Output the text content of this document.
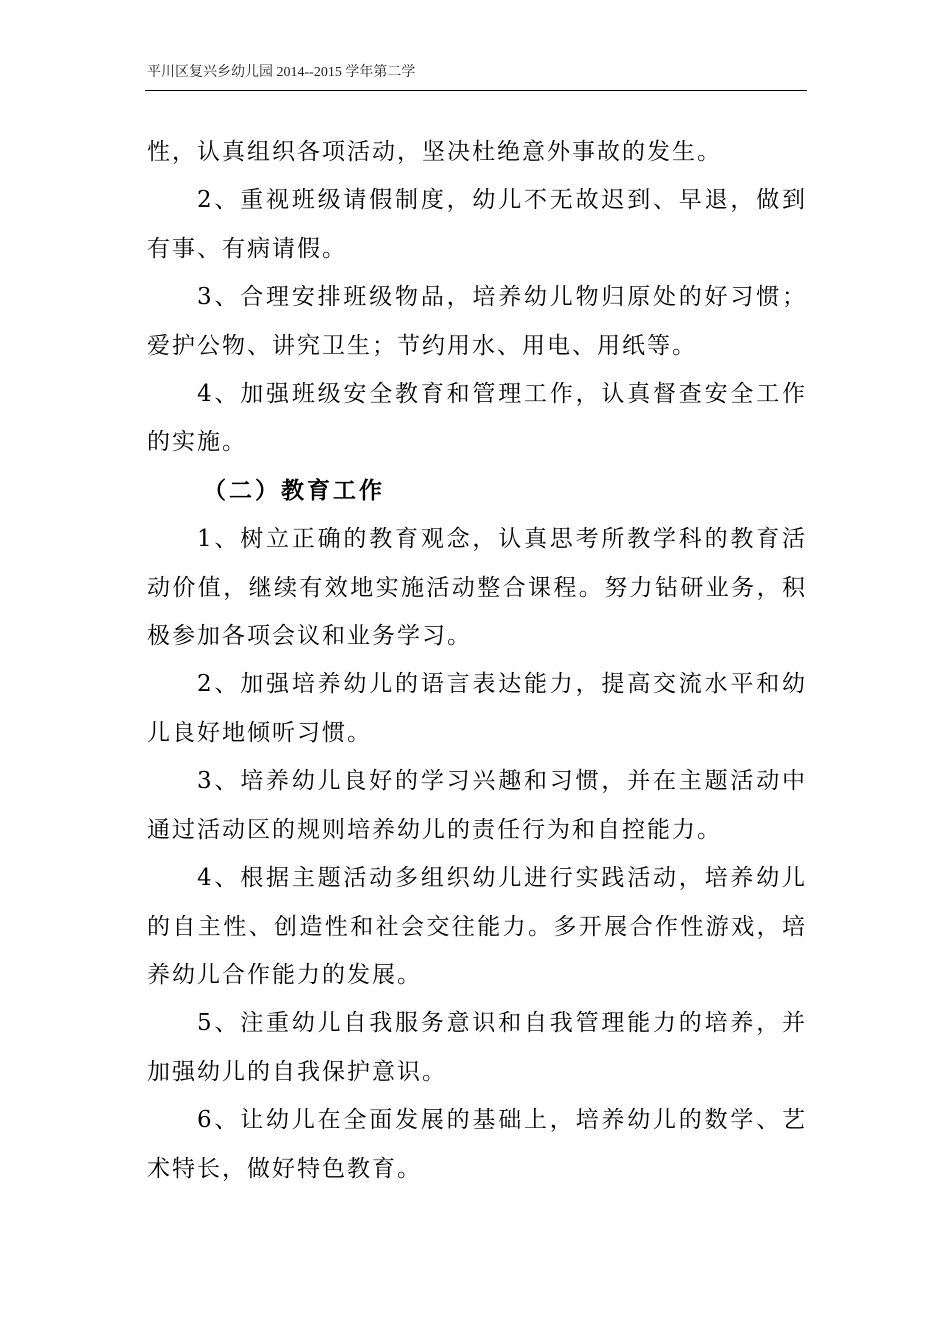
平川区复兴乡幼儿园 2014--2015 学年第二学

性，认真组织各项活动，坚决杜绝意外事故的发生。

2、重视班级请假制度，幼儿不无故迟到、早退，做到有事、有病请假。

3、合理安排班级物品，培养幼儿物归原处的好习惯；爱护公物、讲究卫生；节约用水、用电、用纸等。

4、加强班级安全教育和管理工作，认真督查安全工作的实施。

（二）教育工作

1、树立正确的教育观念，认真思考所教学科的教育活动价值，继续有效地实施活动整合课程。努力钻研业务，积极参加各项会议和业务学习。

2、加强培养幼儿的语言表达能力，提高交流水平和幼儿良好地倾听习惯。

3、培养幼儿良好的学习兴趣和习惯，并在主题活动中通过活动区的规则培养幼儿的责任行为和自控能力。

4、根据主题活动多组织幼儿进行实践活动，培养幼儿的自主性、创造性和社会交往能力。多开展合作性游戏，培养幼儿合作能力的发展。

5、注重幼儿自我服务意识和自我管理能力的培养，并加强幼儿的自我保护意识。

6、让幼儿在全面发展的基础上，培养幼儿的数学、艺术特长，做好特色教育。
